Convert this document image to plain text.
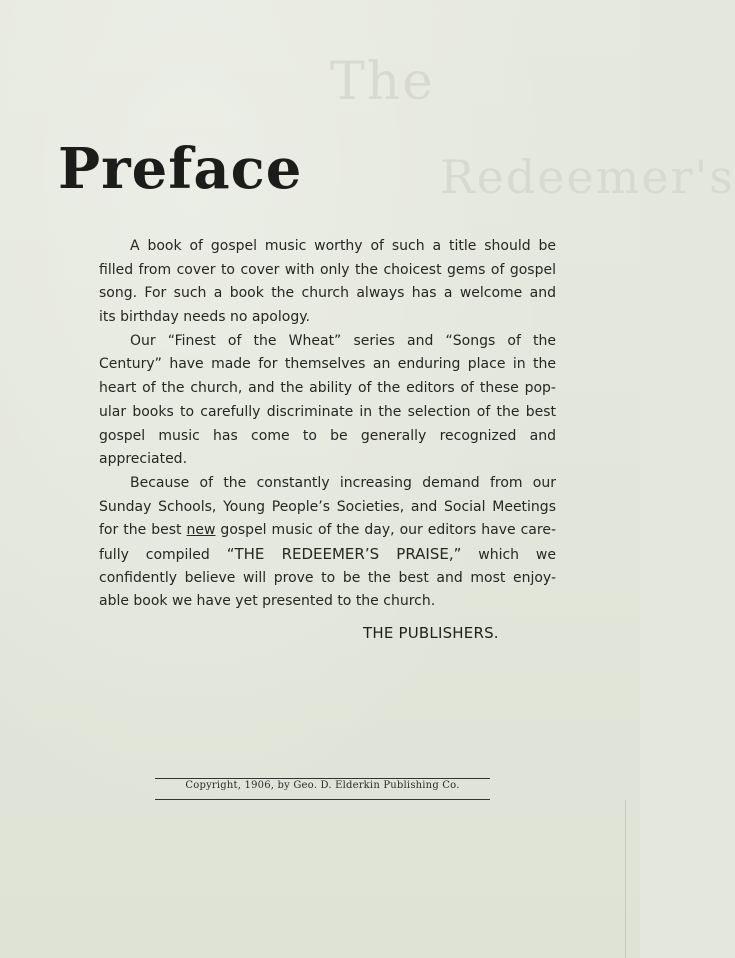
The
Redeemer's
Preface
A book of gospel music worthy of such a title should be
filled from cover to cover with only the choicest gems of gospel
song. For such a book the church always has a welcome and
its birthday needs no apology.
Our “Finest of the Wheat” series and “Songs of the
Century” have made for themselves an enduring place in the
heart of the church, and the ability of the editors of these pop-
ular books to carefully discriminate in the selection of the best
gospel music has come to be generally recognized and
appreciated.
Because of the constantly increasing demand from our
Sunday Schools, Young People’s Societies, and Social Meetings
for the best new gospel music of the day, our editors have care-
fully compiled “THE REDEEMER’S PRAISE,” which we
confidently believe will prove to be the best and most enjoy-
able book we have yet presented to the church.
THE PUBLISHERS.
Copyright, 1906, by Geo. D. Elderkin Publishing Co.
